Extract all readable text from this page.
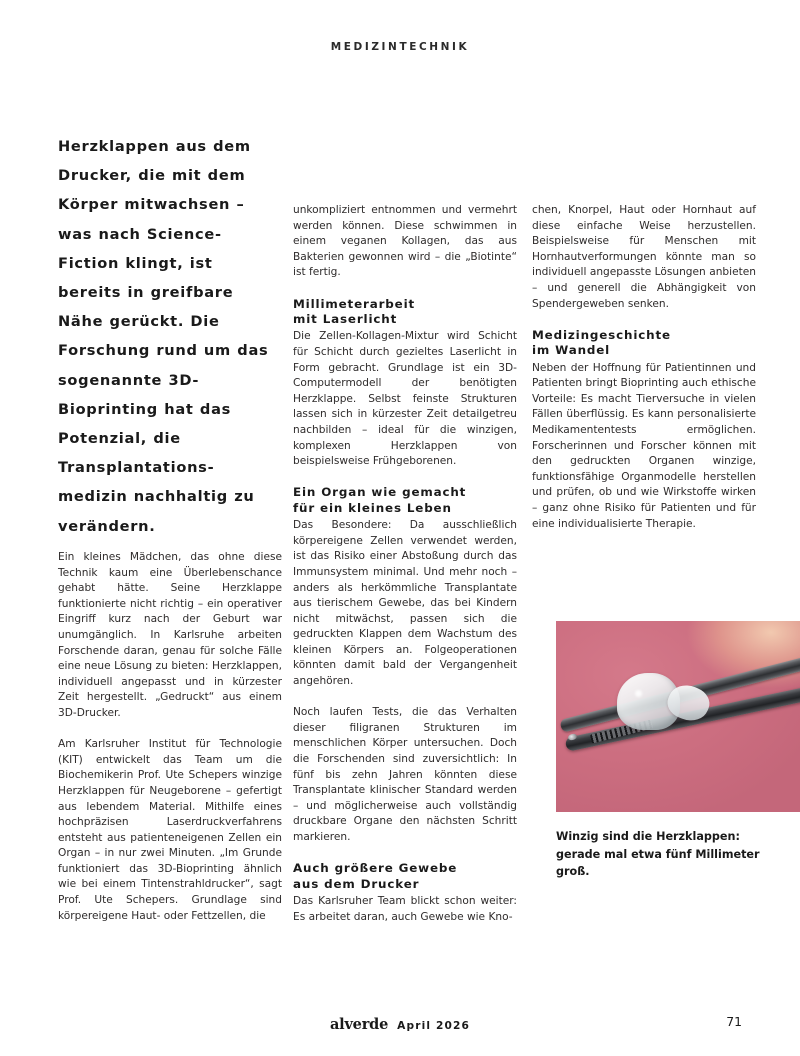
MEDIZINTECHNIK

Herzklappen aus dem Drucker, die mit dem Körper mitwachsen – was nach Science-Fiction klingt, ist bereits in greifbare Nähe gerückt. Die Forschung rund um das sogenannte 3D-Bioprinting hat das Potenzial, die Transplantations-medizin nachhaltig zu verändern.

Ein kleines Mädchen, das ohne diese Technik kaum eine Überlebenschance gehabt hätte. Seine Herzklappe funktionierte nicht richtig – ein operativer Eingriff kurz nach der Geburt war unumgänglich. In Karlsruhe arbeiten Forschende daran, genau für solche Fälle eine neue Lösung zu bieten: Herzklappen, individuell angepasst und in kürzester Zeit hergestellt. „Gedruckt“ aus einem 3D-Drucker.

Am Karlsruher Institut für Technologie (KIT) entwickelt das Team um die Biochemikerin Prof. Ute Schepers winzige Herzklappen für Neugeborene – gefertigt aus lebendem Material. Mithilfe eines hochpräzisen Laserdruckverfahrens entsteht aus patienteneigenen Zellen ein Organ – in nur zwei Minuten. „Im Grunde funktioniert das 3D-Bioprinting ähnlich wie bei einem Tintenstrahldrucker“, sagt Prof. Ute Schepers. Grundlage sind körpereigene Haut- oder Fettzellen, die

unkompliziert entnommen und vermehrt werden können. Diese schwimmen in einem veganen Kollagen, das aus Bakterien gewonnen wird – die „Biotinte“ ist fertig.

Millimeterarbeit
mit Laserlicht

Die Zellen-Kollagen-Mixtur wird Schicht für Schicht durch gezieltes Laserlicht in Form gebracht. Grundlage ist ein 3D-Computermodell der benötigten Herzklappe. Selbst feinste Strukturen lassen sich in kürzester Zeit detailgetreu nachbilden – ideal für die winzigen, komplexen Herzklappen von beispielsweise Frühgeborenen.

Ein Organ wie gemacht
für ein kleines Leben

Das Besondere: Da ausschließlich körpereigene Zellen verwendet werden, ist das Risiko einer Abstoßung durch das Immunsystem minimal. Und mehr noch – anders als herkömmliche Transplantate aus tierischem Gewebe, das bei Kindern nicht mitwächst, passen sich die gedruckten Klappen dem Wachstum des kleinen Körpers an. Folgeoperationen könnten damit bald der Vergangenheit angehören.

Noch laufen Tests, die das Verhalten dieser filigranen Strukturen im menschlichen Körper untersuchen. Doch die Forschenden sind zuversichtlich: In fünf bis zehn Jahren könnten diese Transplantate klinischer Standard werden – und möglicherweise auch vollständig druckbare Organe den nächsten Schritt markieren.

Auch größere Gewebe
aus dem Drucker

Das Karlsruher Team blickt schon weiter: Es arbeitet daran, auch Gewebe wie Kno-

chen, Knorpel, Haut oder Hornhaut auf diese einfache Weise herzustellen. Beispielsweise für Menschen mit Hornhautverformungen könnte man so individuell angepasste Lösungen anbieten – und generell die Abhängigkeit von Spendergeweben senken.

Medizingeschichte
im Wandel

Neben der Hoffnung für Patientinnen und Patienten bringt Bioprinting auch ethische Vorteile: Es macht Tierversuche in vielen Fällen überflüssig. Es kann personalisierte Medikamententests ermöglichen. Forscherinnen und Forscher können mit den gedruckten Organen winzige, funktionsfähige Organmodelle herstellen und prüfen, ob und wie Wirkstoffe wirken – ganz ohne Risiko für Patienten und für eine individualisierte Therapie.

Winzig sind die Herzklappen: gerade mal etwa fünf Millimeter groß.

alverde April 2026	71
